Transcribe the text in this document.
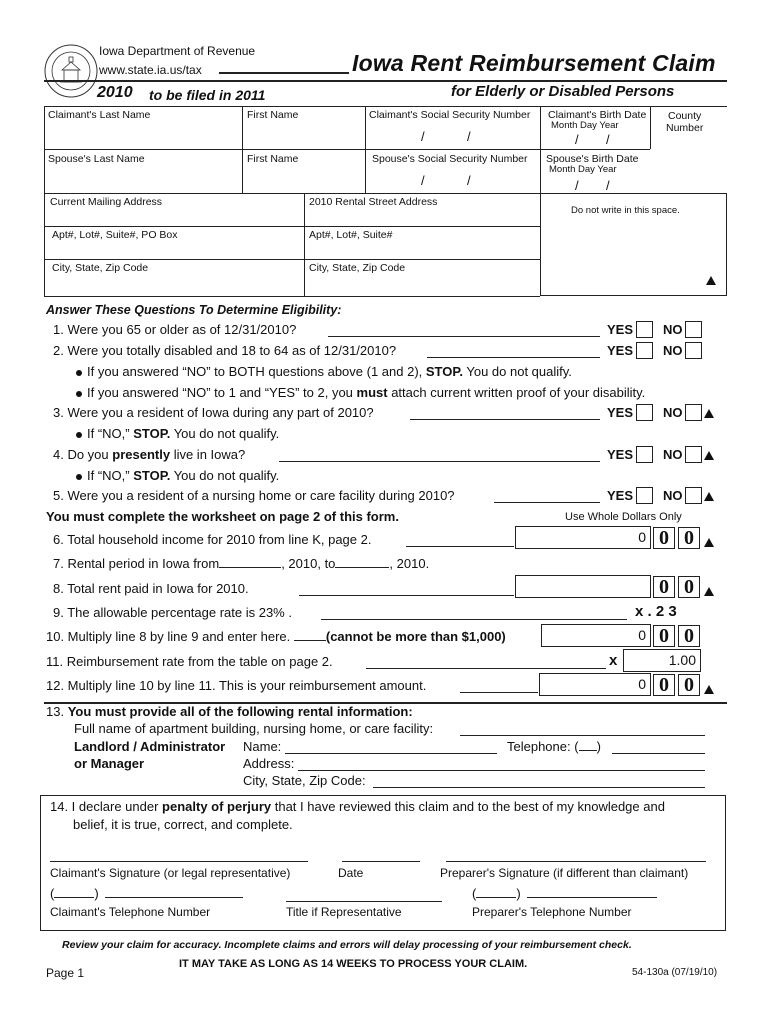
Iowa Department of Revenue
www.state.ia.us/tax	Iowa Rent Reimbursement Claim
2010 to be filed in 2011	for Elderly or Disabled Persons
Claimant's Last Name	First Name	Claimant's Social Security Number
/	/
Claimant's Birth Date
Month Day Year
/ /
County
Number
Spouse's Last Name	First Name	Spouse's Social Security Number
/	/
Spouse's Birth Date
Month Day Year
/ /
Current Mailing Address	2010 Rental Street Address
Do not write in this space.
Apt#, Lot#, Suite#, PO Box	Apt#, Lot#, Suite#
City, State, Zip Code	City, State, Zip Code
Answer These Questions To Determine Eligibility:
1. Were you 65 or older as of 12/31/2010?	YES NO
2. Were you totally disabled and 18 to 64 as of 12/31/2010?	YES NO
If you answered “NO” to BOTH questions above (1 and 2), STOP. You do not qualify.
If you answered “NO” to 1 and “YES” to 2, you must attach current written proof of your disability.
3. Were you a resident of Iowa during any part of 2010?	YES NO
If “NO,” STOP. You do not qualify.
4. Do you presently live in Iowa?	YES NO
If “NO,” STOP. You do not qualify.
5. Were you a resident of a nursing home or care facility during 2010?	YES NO
You must complete the worksheet on page 2 of this form.	Use Whole Dollars Only
6. Total household income for 2010 from line K, page 2.	0 0 0
7. Rental period in Iowa from	, 2010, to	, 2010.
8. Total rent paid in Iowa for 2010.	0 0
9. The allowable percentage rate is 23% .	x . 2 3
10. Multiply line 8 by line 9 and enter here. (cannot be more than $1,000)	0 0 0
11. Reimbursement rate from the table on page 2.	x	1.00
12. Multiply line 10 by line 11. This is your reimbursement amount.	0 0 0
13. You must provide all of the following rental information:
Full name of apartment building, nursing home, or care facility:
Landlord / Administrator
or Manager
Name:	Telephone: ( )
Address:
City, State, Zip Code:
14. I declare under penalty of perjury that I have reviewed this claim and to the best of my knowledge and
belief, it is true, correct, and complete.
Claimant's Signature (or legal representative)	Date	Preparer's Signature (if different than claimant)
(	)	(	)
Claimant's Telephone Number	Title if Representative	Preparer's Telephone Number
Review your claim for accuracy. Incomplete claims and errors will delay processing of your reimbursement check.
IT MAY TAKE AS LONG AS 14 WEEKS TO PROCESS YOUR CLAIM.
Page 1	54-130a (07/19/10)
